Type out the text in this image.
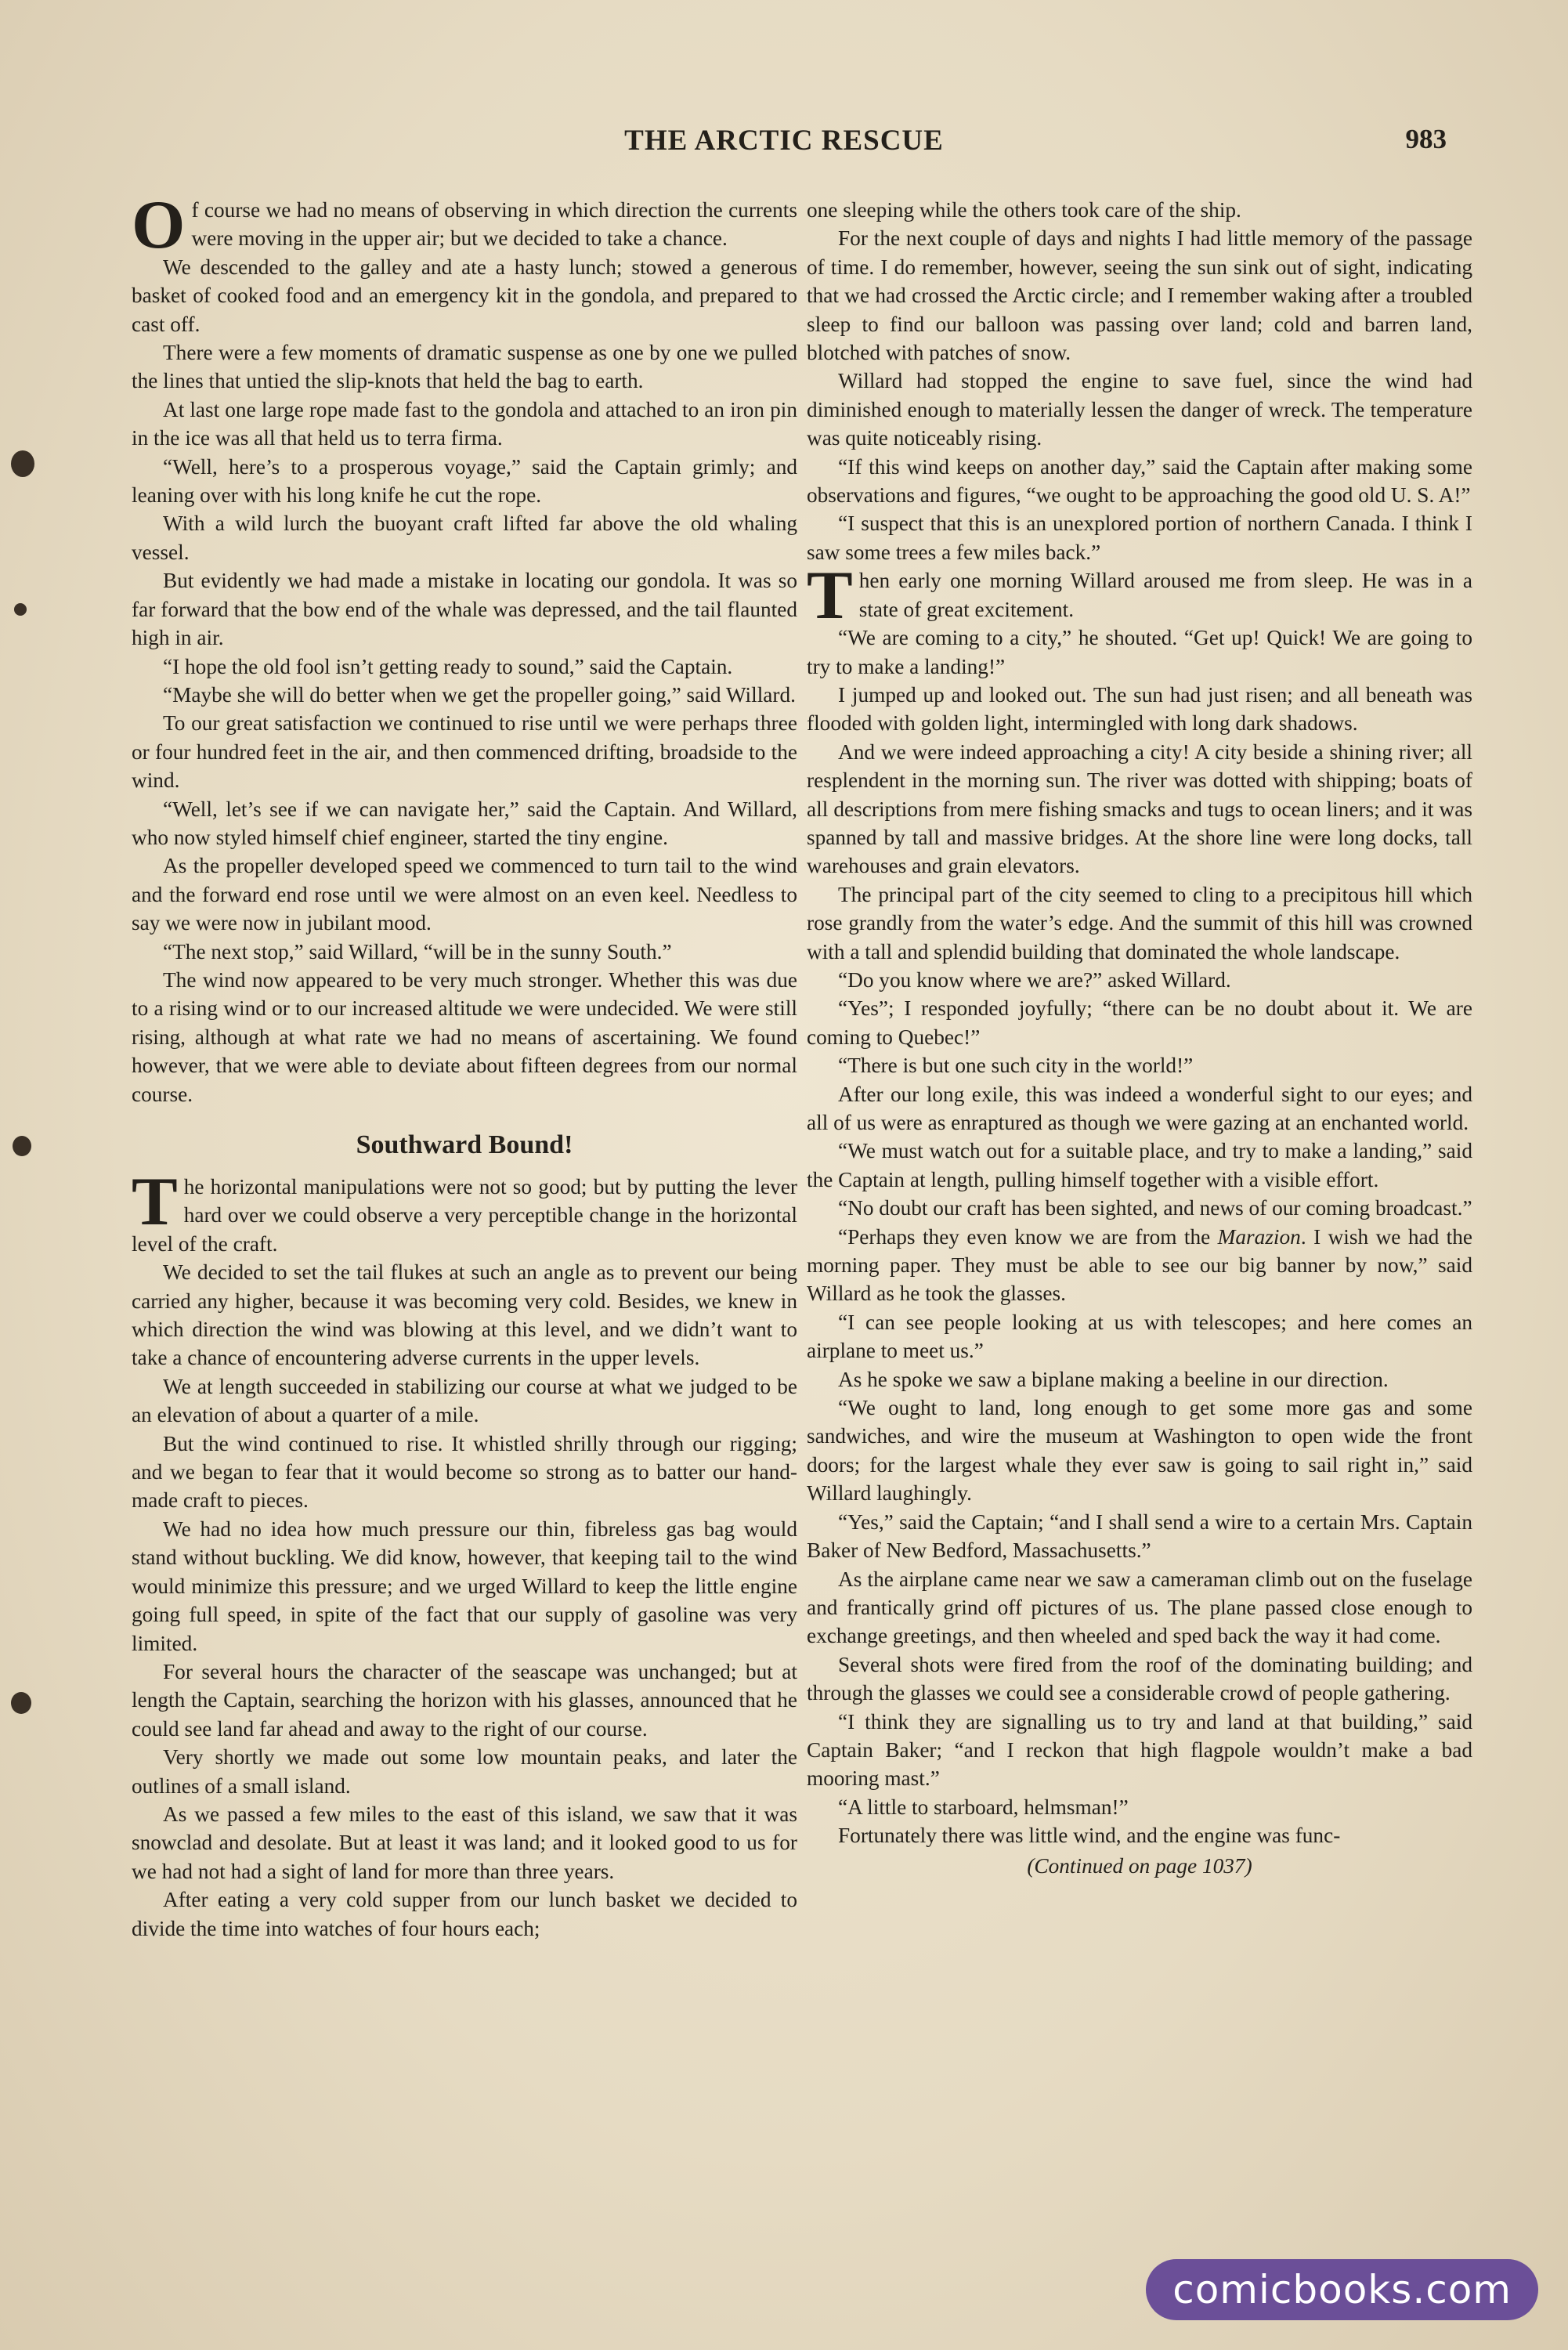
THE ARCTIC RESCUE	983

Of course we had no means of observing in which direction the currents were moving in the upper air; but we decided to take a chance.

We descended to the galley and ate a hasty lunch; stowed a generous basket of cooked food and an emergency kit in the gondola, and prepared to cast off.

There were a few moments of dramatic suspense as one by one we pulled the lines that untied the slip-knots that held the bag to earth.

At last one large rope made fast to the gondola and attached to an iron pin in the ice was all that held us to terra firma.

“Well, here’s to a prosperous voyage,” said the Captain grimly; and leaning over with his long knife he cut the rope.

With a wild lurch the buoyant craft lifted far above the old whaling vessel.

But evidently we had made a mistake in locating our gondola. It was so far forward that the bow end of the whale was depressed, and the tail flaunted high in air.

“I hope the old fool isn’t getting ready to sound,” said the Captain.

“Maybe she will do better when we get the propeller going,” said Willard.

To our great satisfaction we continued to rise until we were perhaps three or four hundred feet in the air, and then commenced drifting, broadside to the wind.

“Well, let’s see if we can navigate her,” said the Captain. And Willard, who now styled himself chief engineer, started the tiny engine.

As the propeller developed speed we commenced to turn tail to the wind and the forward end rose until we were almost on an even keel. Needless to say we were now in jubilant mood.

“The next stop,” said Willard, “will be in the sunny South.”

The wind now appeared to be very much stronger. Whether this was due to a rising wind or to our increased altitude we were undecided. We were still rising, although at what rate we had no means of ascertaining. We found however, that we were able to deviate about fifteen degrees from our normal course.

Southward Bound!

The horizontal manipulations were not so good; but by putting the lever hard over we could observe a very perceptible change in the horizontal level of the craft.

We decided to set the tail flukes at such an angle as to prevent our being carried any higher, because it was becoming very cold. Besides, we knew in which direction the wind was blowing at this level, and we didn’t want to take a chance of encountering adverse currents in the upper levels.

We at length succeeded in stabilizing our course at what we judged to be an elevation of about a quarter of a mile.

But the wind continued to rise. It whistled shrilly through our rigging; and we began to fear that it would become so strong as to batter our hand-made craft to pieces.

We had no idea how much pressure our thin, fibreless gas bag would stand without buckling. We did know, however, that keeping tail to the wind would minimize this pressure; and we urged Willard to keep the little engine going full speed, in spite of the fact that our supply of gasoline was very limited.

For several hours the character of the seascape was unchanged; but at length the Captain, searching the horizon with his glasses, announced that he could see land far ahead and away to the right of our course.

Very shortly we made out some low mountain peaks, and later the outlines of a small island.

As we passed a few miles to the east of this island, we saw that it was snowclad and desolate. But at least it was land; and it looked good to us for we had not had a sight of land for more than three years.

After eating a very cold supper from our lunch basket we decided to divide the time into watches of four hours each;

one sleeping while the others took care of the ship.

For the next couple of days and nights I had little memory of the passage of time. I do remember, however, seeing the sun sink out of sight, indicating that we had crossed the Arctic circle; and I remember waking after a troubled sleep to find our balloon was passing over land; cold and barren land, blotched with patches of snow.

Willard had stopped the engine to save fuel, since the wind had diminished enough to materially lessen the danger of wreck. The temperature was quite noticeably rising.

“If this wind keeps on another day,” said the Captain after making some observations and figures, “we ought to be approaching the good old U. S. A!”

“I suspect that this is an unexplored portion of northern Canada. I think I saw some trees a few miles back.”

Then early one morning Willard aroused me from sleep. He was in a state of great excitement.

“We are coming to a city,” he shouted. “Get up! Quick! We are going to try to make a landing!”

I jumped up and looked out. The sun had just risen; and all beneath was flooded with golden light, intermingled with long dark shadows.

And we were indeed approaching a city! A city beside a shining river; all resplendent in the morning sun. The river was dotted with shipping; boats of all descriptions from mere fishing smacks and tugs to ocean liners; and it was spanned by tall and massive bridges. At the shore line were long docks, tall warehouses and grain elevators.

The principal part of the city seemed to cling to a precipitous hill which rose grandly from the water’s edge. And the summit of this hill was crowned with a tall and splendid building that dominated the whole landscape.

“Do you know where we are?” asked Willard.

“Yes”; I responded joyfully; “there can be no doubt about it. We are coming to Quebec!”

“There is but one such city in the world!”

After our long exile, this was indeed a wonderful sight to our eyes; and all of us were as enraptured as though we were gazing at an enchanted world.

“We must watch out for a suitable place, and try to make a landing,” said the Captain at length, pulling himself together with a visible effort.

“No doubt our craft has been sighted, and news of our coming broadcast.”

“Perhaps they even know we are from the Marazion. I wish we had the morning paper. They must be able to see our big banner by now,” said Willard as he took the glasses.

“I can see people looking at us with telescopes; and here comes an airplane to meet us.”

As he spoke we saw a biplane making a beeline in our direction.

“We ought to land, long enough to get some more gas and some sandwiches, and wire the museum at Washington to open wide the front doors; for the largest whale they ever saw is going to sail right in,” said Willard laughingly.

“Yes,” said the Captain; “and I shall send a wire to a certain Mrs. Captain Baker of New Bedford, Massachusetts.”

As the airplane came near we saw a cameraman climb out on the fuselage and frantically grind off pictures of us. The plane passed close enough to exchange greetings, and then wheeled and sped back the way it had come.

Several shots were fired from the roof of the dominating building; and through the glasses we could see a considerable crowd of people gathering.

“I think they are signalling us to try and land at that building,” said Captain Baker; “and I reckon that high flagpole wouldn’t make a bad mooring mast.”

“A little to starboard, helmsman!”

Fortunately there was little wind, and the engine was func-

(Continued on page 1037)

comicbooks.com
